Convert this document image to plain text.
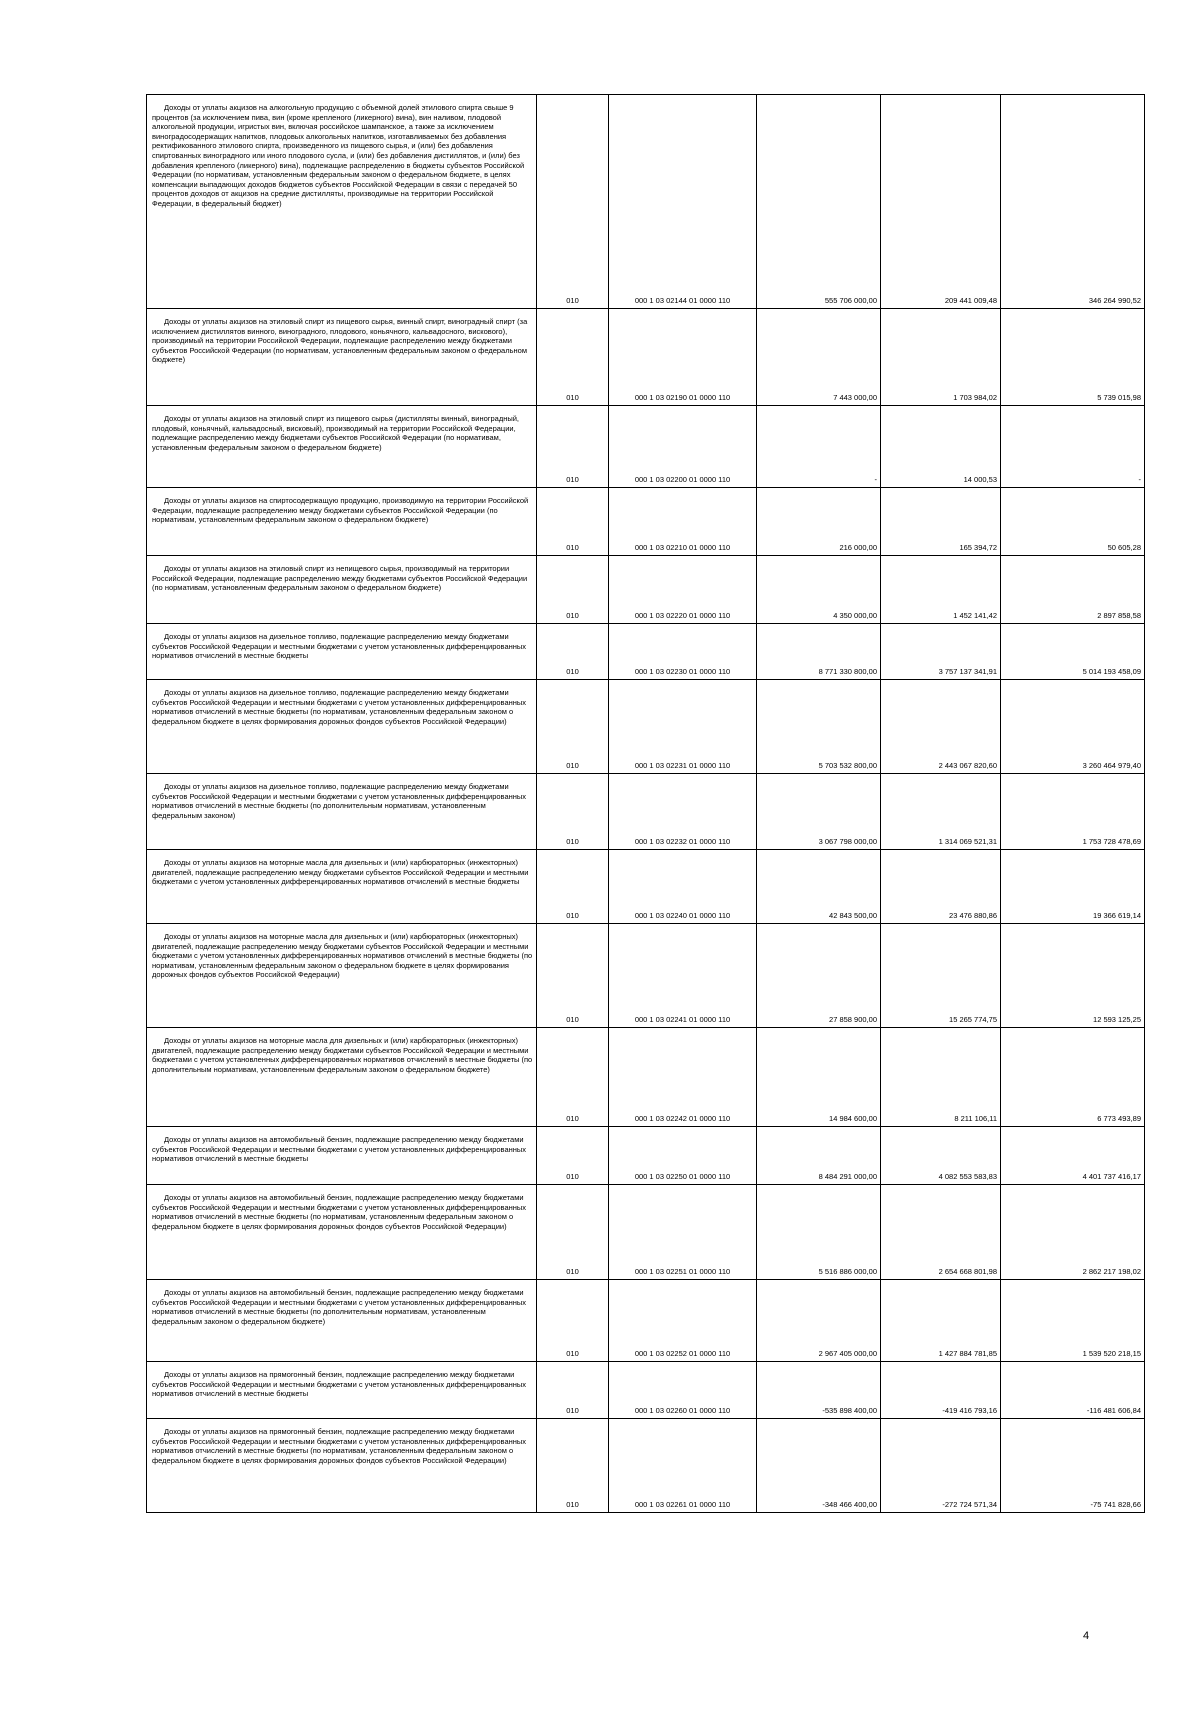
Доходы от уплаты акцизов на алкогольную продукцию с объемной долей этилового спирта свыше 9 процентов (за исключением пива, вин (кроме крепленого (ликерного) вина), вин наливом, плодовой алкогольной продукции, игристых вин, включая российское шампанское, а также за исключением виноградосодержащих напитков, плодовых алкогольных напитков, изготавливаемых без добавления ректификованного этилового спирта, произведенного из пищевого сырья, и (или) без добавления спиртованных виноградного или иного плодового сусла, и (или) без добавления дистиллятов, и (или) без добавления крепленого (ликерного) вина), подлежащие распределению в бюджеты субъектов Российской Федерации (по нормативам, установленным федеральным законом о федеральном бюджете, в целях компенсации выпадающих доходов бюджетов субъектов Российской Федерации в связи с передачей 50 процентов доходов от акцизов на средние дистилляты, производимые на территории Российской Федерации, в федеральный бюджет)	010	000 1 03 02144 01 0000 110	555 706 000,00	209 441 009,48	346 264 990,52
Доходы от уплаты акцизов на этиловый спирт из пищевого сырья, винный спирт, виноградный спирт (за исключением дистиллятов винного, виноградного, плодового, коньячного, кальвадосного, вискового), производимый на территории Российской Федерации, подлежащие распределению между бюджетами субъектов Российской Федерации (по нормативам, установленным федеральным законом о федеральном бюджете)	010	000 1 03 02190 01 0000 110	7 443 000,00	1 703 984,02	5 739 015,98
Доходы от уплаты акцизов на этиловый спирт из пищевого сырья (дистилляты винный, виноградный, плодовый, коньячный, кальвадосный, висковый), производимый на территории Российской Федерации, подлежащие распределению между бюджетами субъектов Российской Федерации (по нормативам, установленным федеральным законом о федеральном бюджете)	010	000 1 03 02200 01 0000 110	-	14 000,53	-
Доходы от уплаты акцизов на спиртосодержащую продукцию, производимую на территории Российской Федерации, подлежащие распределению между бюджетами субъектов Российской Федерации (по нормативам, установленным федеральным законом о федеральном бюджете)	010	000 1 03 02210 01 0000 110	216 000,00	165 394,72	50 605,28
Доходы от уплаты акцизов на этиловый спирт из непищевого сырья, производимый на территории Российской Федерации, подлежащие распределению между бюджетами субъектов Российской Федерации (по нормативам, установленным федеральным законом о федеральном бюджете)	010	000 1 03 02220 01 0000 110	4 350 000,00	1 452 141,42	2 897 858,58
Доходы от уплаты акцизов на дизельное топливо, подлежащие распределению между бюджетами субъектов Российской Федерации и местными бюджетами с учетом установленных дифференцированных нормативов отчислений в местные бюджеты	010	000 1 03 02230 01 0000 110	8 771 330 800,00	3 757 137 341,91	5 014 193 458,09
Доходы от уплаты акцизов на дизельное топливо, подлежащие распределению между бюджетами субъектов Российской Федерации и местными бюджетами с учетом установленных дифференцированных нормативов отчислений в местные бюджеты (по нормативам, установленным федеральным законом о федеральном бюджете в целях формирования дорожных фондов субъектов Российской Федерации)	010	000 1 03 02231 01 0000 110	5 703 532 800,00	2 443 067 820,60	3 260 464 979,40
Доходы от уплаты акцизов на дизельное топливо, подлежащие распределению между бюджетами субъектов Российской Федерации и местными бюджетами с учетом установленных дифференцированных нормативов отчислений в местные бюджеты (по дополнительным нормативам, установленным федеральным законом)	010	000 1 03 02232 01 0000 110	3 067 798 000,00	1 314 069 521,31	1 753 728 478,69
Доходы от уплаты акцизов на моторные масла для дизельных и (или) карбюраторных (инжекторных) двигателей, подлежащие распределению между бюджетами субъектов Российской Федерации и местными бюджетами с учетом установленных дифференцированных нормативов отчислений в местные бюджеты	010	000 1 03 02240 01 0000 110	42 843 500,00	23 476 880,86	19 366 619,14
Доходы от уплаты акцизов на моторные масла для дизельных и (или) карбюраторных (инжекторных) двигателей, подлежащие распределению между бюджетами субъектов Российской Федерации и местными бюджетами с учетом установленных дифференцированных нормативов отчислений в местные бюджеты (по нормативам, установленным федеральным законом о федеральном бюджете в целях формирования дорожных фондов субъектов Российской Федерации)	010	000 1 03 02241 01 0000 110	27 858 900,00	15 265 774,75	12 593 125,25
Доходы от уплаты акцизов на моторные масла для дизельных и (или) карбюраторных (инжекторных) двигателей, подлежащие распределению между бюджетами субъектов Российской Федерации и местными бюджетами с учетом установленных дифференцированных нормативов отчислений в местные бюджеты (по дополнительным нормативам, установленным федеральным законом о федеральном бюджете)	010	000 1 03 02242 01 0000 110	14 984 600,00	8 211 106,11	6 773 493,89
Доходы от уплаты акцизов на автомобильный бензин, подлежащие распределению между бюджетами субъектов Российской Федерации и местными бюджетами с учетом установленных дифференцированных нормативов отчислений в местные бюджеты	010	000 1 03 02250 01 0000 110	8 484 291 000,00	4 082 553 583,83	4 401 737 416,17
Доходы от уплаты акцизов на автомобильный бензин, подлежащие распределению между бюджетами субъектов Российской Федерации и местными бюджетами с учетом установленных дифференцированных нормативов отчислений в местные бюджеты (по нормативам, установленным федеральным законом о федеральном бюджете в целях формирования дорожных фондов субъектов Российской Федерации)	010	000 1 03 02251 01 0000 110	5 516 886 000,00	2 654 668 801,98	2 862 217 198,02
Доходы от уплаты акцизов на автомобильный бензин, подлежащие распределению между бюджетами субъектов Российской Федерации и местными бюджетами с учетом установленных дифференцированных нормативов отчислений в местные бюджеты (по дополнительным нормативам, установленным федеральным законом о федеральном бюджете)	010	000 1 03 02252 01 0000 110	2 967 405 000,00	1 427 884 781,85	1 539 520 218,15
Доходы от уплаты акцизов на прямогонный бензин, подлежащие распределению между бюджетами субъектов Российской Федерации и местными бюджетами с учетом установленных дифференцированных нормативов отчислений в местные бюджеты	010	000 1 03 02260 01 0000 110	-535 898 400,00	-419 416 793,16	-116 481 606,84
Доходы от уплаты акцизов на прямогонный бензин, подлежащие распределению между бюджетами субъектов Российской Федерации и местными бюджетами с учетом установленных дифференцированных нормативов отчислений в местные бюджеты (по нормативам, установленным федеральным законом о федеральном бюджете в целях формирования дорожных фондов субъектов Российской Федерации)	010	000 1 03 02261 01 0000 110	-348 466 400,00	-272 724 571,34	-75 741 828,66
4
